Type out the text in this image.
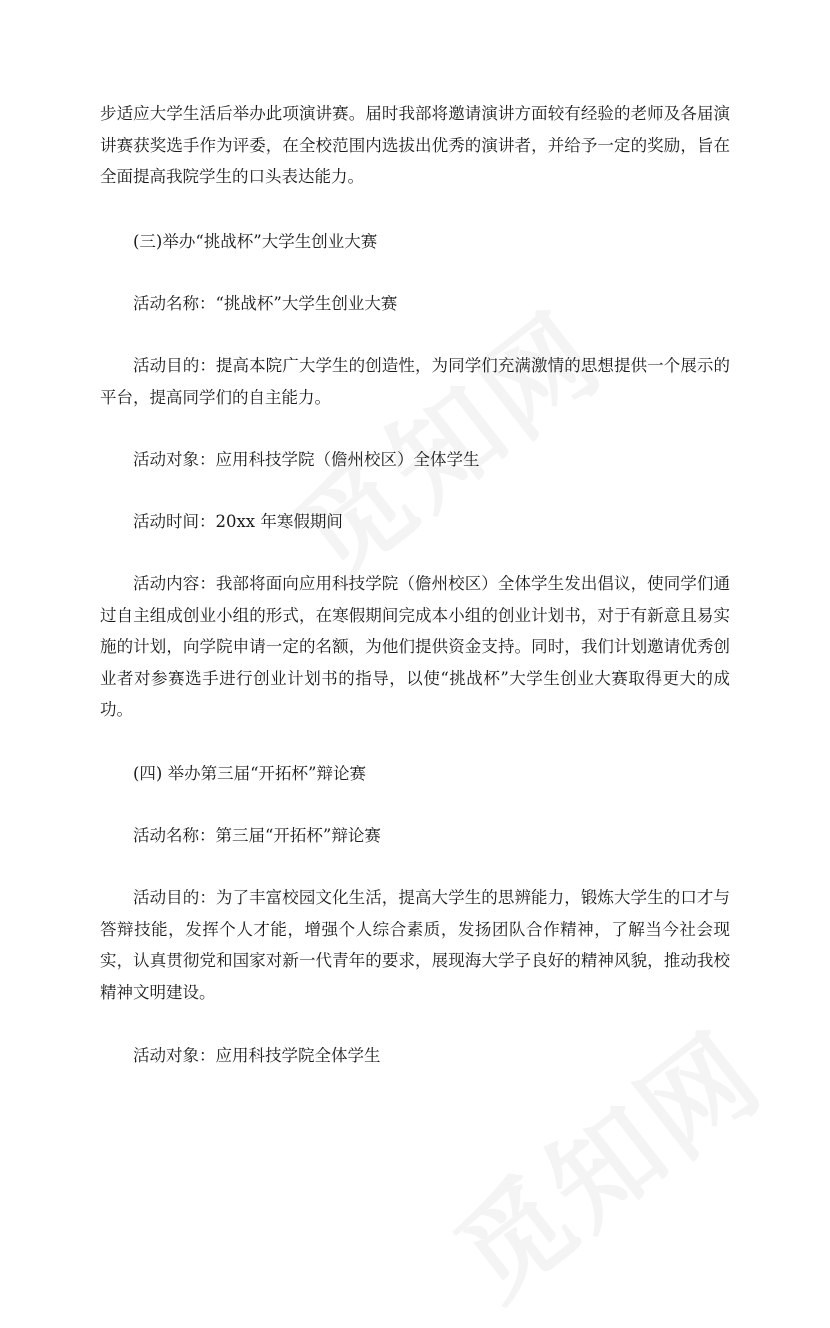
步适应大学生活后举办此项演讲赛。届时我部将邀请演讲方面较有经验的老师及各届演讲赛获奖选手作为评委，在全校范围内选拔出优秀的演讲者，并给予一定的奖励，旨在全面提高我院学生的口头表达能力。

(三)举办“挑战杯”大学生创业大赛

活动名称：“挑战杯”大学生创业大赛

活动目的：提高本院广大学生的创造性，为同学们充满激情的思想提供一个展示的平台，提高同学们的自主能力。

活动对象：应用科技学院（儋州校区）全体学生

活动时间：20xx 年寒假期间

活动内容：我部将面向应用科技学院（儋州校区）全体学生发出倡议，使同学们通过自主组成创业小组的形式，在寒假期间完成本小组的创业计划书，对于有新意且易实施的计划，向学院申请一定的名额，为他们提供资金支持。同时，我们计划邀请优秀创业者对参赛选手进行创业计划书的指导，以使“挑战杯”大学生创业大赛取得更大的成功。

(四) 举办第三届“开拓杯”辩论赛

活动名称：第三届“开拓杯”辩论赛

活动目的：为了丰富校园文化生活，提高大学生的思辨能力，锻炼大学生的口才与答辩技能，发挥个人才能，增强个人综合素质，发扬团队合作精神，了解当今社会现实，认真贯彻党和国家对新一代青年的要求，展现海大学子良好的精神风貌，推动我校精神文明建设。

活动对象：应用科技学院全体学生
